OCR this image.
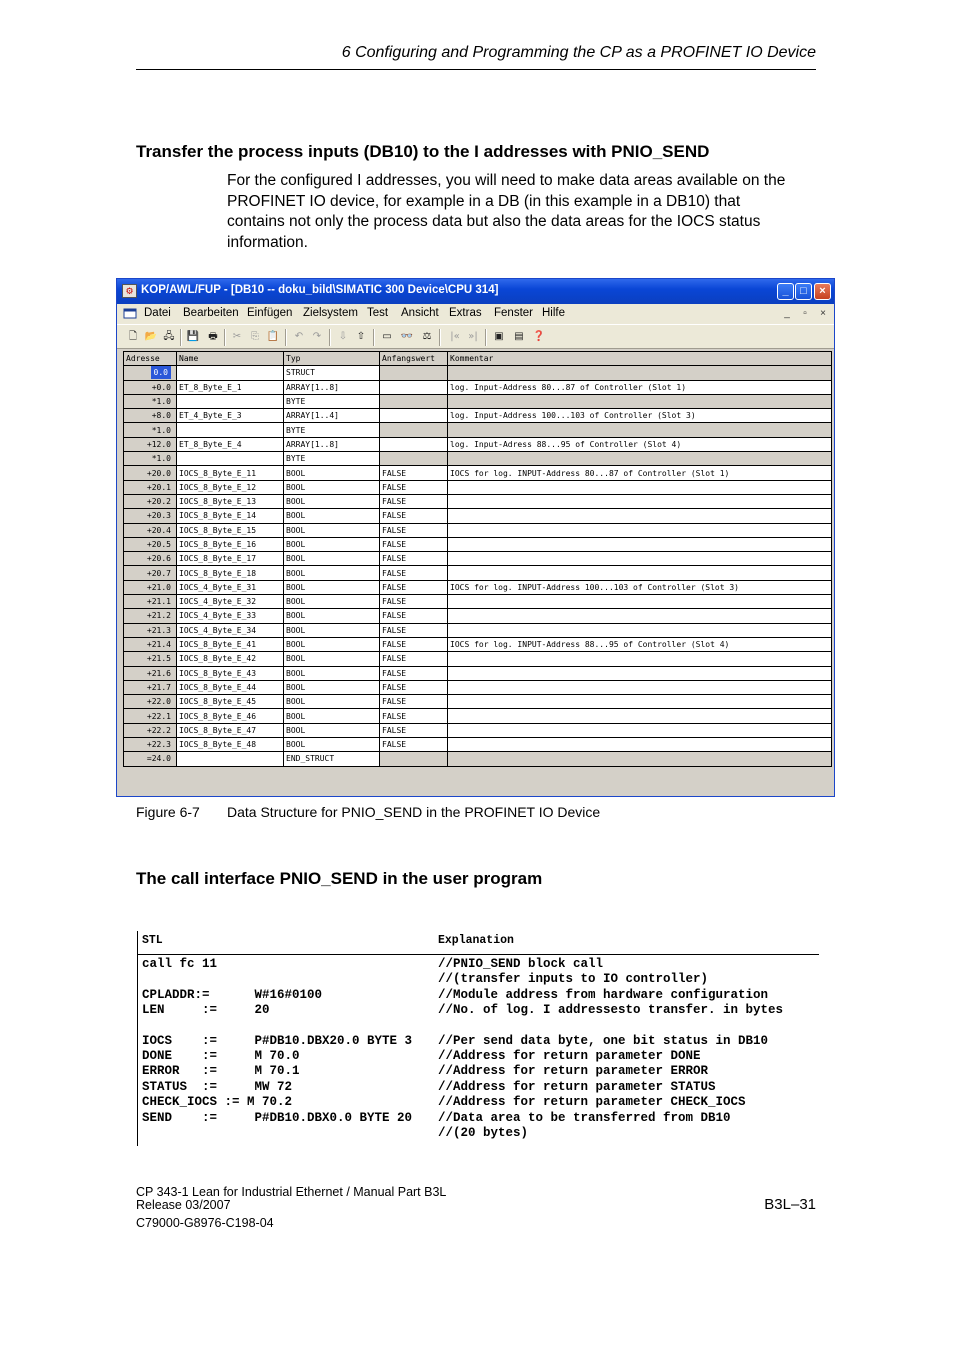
6 Configuring and Programming the CP as a PROFINET IO Device
Transfer the process inputs (DB10) to the I addresses with PNIO_SEND
For the configured I addresses, you will need to make data areas available on the
PROFINET IO device, for example in a DB (in this example in a DB10) that
contains not only the process data but also the data areas for the IOCS status
information.
⚙ KOP/AWL/FUP - [DB10 -- doku_bild\SIMATIC 300 Device\CPU 314]	_	□	×
Datei Bearbeiten Einfügen Zielsystem Test Ansicht Extras Fenster Hilfe	_	▫	×
🗋 📂 🖧 💾 🖶	✂ ⎘ 📋	↶ ↷	⇩ ⇧	▭ 👓 ⚖	|« »|	▣	▤ ❓
Adresse	Name	Typ	Anfangswert	Kommentar
0.0		STRUCT		
+0.0	ET_8_Byte_E_1	ARRAY[1..8]		log. Input-Address 80...87 of Controller (Slot 1)
*1.0		BYTE		
+8.0	ET_4_Byte_E_3	ARRAY[1..4]		log. Input-Address 100...103 of Controller (Slot 3)
*1.0		BYTE		
+12.0	ET_8_Byte_E_4	ARRAY[1..8]		log. Input-Adress 88...95 of Controller (Slot 4)
*1.0		BYTE		
+20.0	IOCS_8_Byte_E_11	BOOL	FALSE	IOCS for log. INPUT-Address 80...87 of Controller (Slot 1)
+20.1	IOCS_8_Byte_E_12	BOOL	FALSE	
+20.2	IOCS_8_Byte_E_13	BOOL	FALSE	
+20.3	IOCS_8_Byte_E_14	BOOL	FALSE	
+20.4	IOCS_8_Byte_E_15	BOOL	FALSE	
+20.5	IOCS_8_Byte_E_16	BOOL	FALSE	
+20.6	IOCS_8_Byte_E_17	BOOL	FALSE	
+20.7	IOCS_8_Byte_E_18	BOOL	FALSE	
+21.0	IOCS_4_Byte_E_31	BOOL	FALSE	IOCS for log. INPUT-Address 100...103 of Controller (Slot 3)
+21.1	IOCS_4_Byte_E_32	BOOL	FALSE	
+21.2	IOCS_4_Byte_E_33	BOOL	FALSE	
+21.3	IOCS_4_Byte_E_34	BOOL	FALSE	
+21.4	IOCS_8_Byte_E_41	BOOL	FALSE	IOCS for log. INPUT-Address 88...95 of Controller (Slot 4)
+21.5	IOCS_8_Byte_E_42	BOOL	FALSE	
+21.6	IOCS_8_Byte_E_43	BOOL	FALSE	
+21.7	IOCS_8_Byte_E_44	BOOL	FALSE	
+22.0	IOCS_8_Byte_E_45	BOOL	FALSE	
+22.1	IOCS_8_Byte_E_46	BOOL	FALSE	
+22.2	IOCS_8_Byte_E_47	BOOL	FALSE	
+22.3	IOCS_8_Byte_E_48	BOOL	FALSE	
=24.0		END_STRUCT		
Figure 6-7 Data Structure for PNIO_SEND in the PROFINET IO Device
The call interface PNIO_SEND in the user program
STL	Explanation
call fc 11	//PNIO_SEND block call
//(transfer inputs to IO controller)
CPLADDR:=      W#16#0100	//Module address from hardware configuration
LEN     :=     20	//No. of log. I addressesto transfer. in bytes
IOCS    :=     P#DB10.DBX20.0 BYTE 3 //Per send data byte, one bit status in DB10
DONE    :=     M 70.0	//Address for return parameter DONE
ERROR   :=     M 70.1	//Address for return parameter ERROR
STATUS  :=     MW 72	//Address for return parameter STATUS
CHECK_IOCS := M 70.2	//Address for return parameter CHECK_IOCS
SEND    :=     P#DB10.DBX0.0 BYTE 20 //Data area to be transferred from DB10
//(20 bytes)
CP 343-1 Lean for Industrial Ethernet / Manual Part B3L
Release 03/2007	B3L–31
C79000-G8976-C198-04
